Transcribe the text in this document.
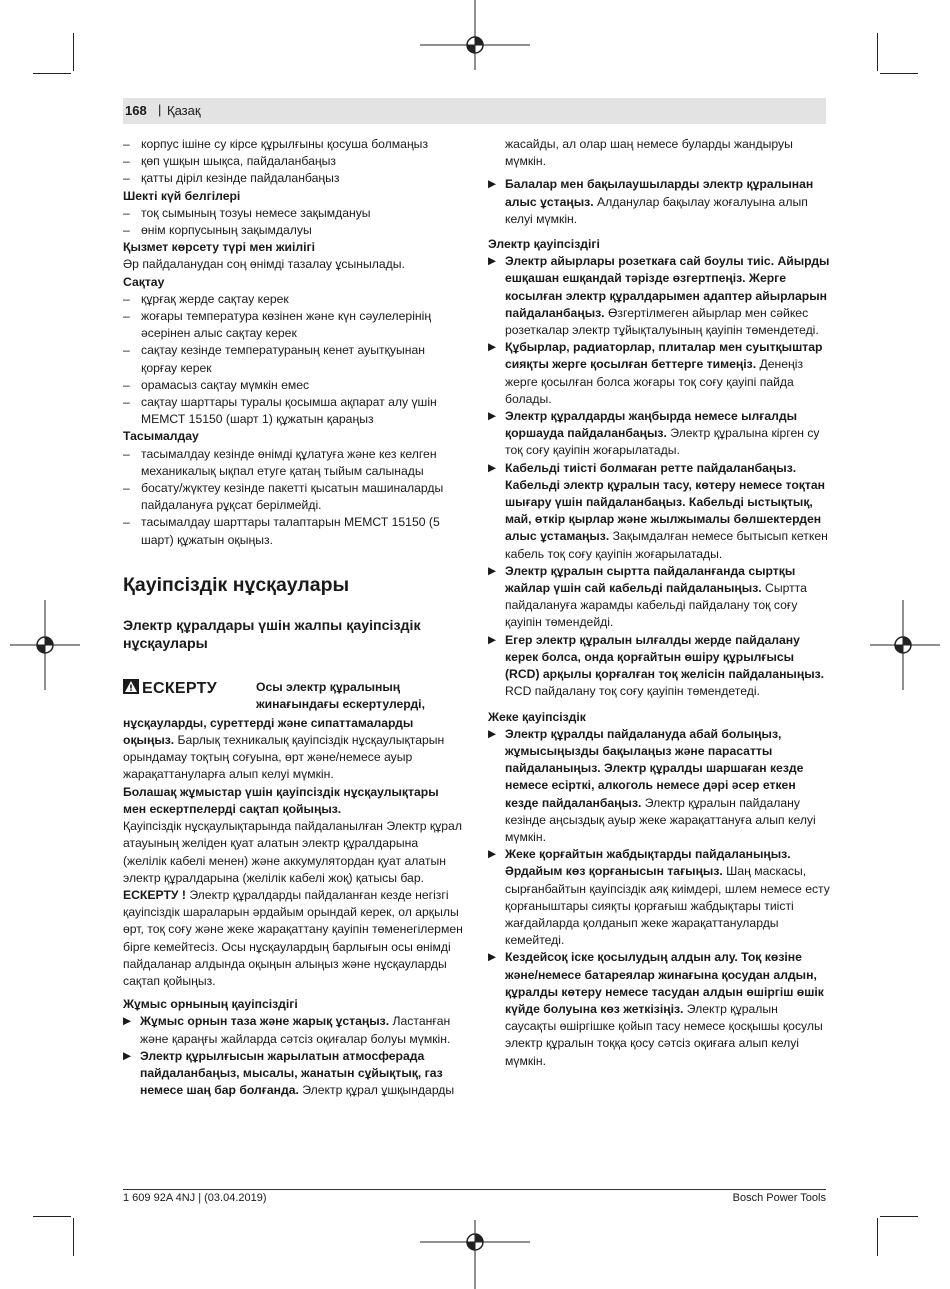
168 | Қазақ

– корпус ішіне су кірсе құрылғыны қосуша болмаңыз

– қөп үшқын шықса, пайдаланбаңыз

– қатты діріл кезінде пайдаланбаңыз

Шекті күй белгілері

– тоқ сымының тозуы немесе зақымдануы

– өнім корпусының зақымдалуы

Қызмет көрсету түрі мен жиілігі

Әр пайдаланудан соң өнімді тазалау ұсынылады.

Сақтау

– құрғақ жерде сақтау керек

– жоғары температура көзінен және күн сәулелерінің әсерінен алыс сақтау керек

– сақтау кезінде температураның кенет ауытқуынан қорғау керек

– орамасыз сақтау мүмкін емес

– сақтау шарттары туралы қосымша ақпарат алу үшін МЕМСТ 15150 (шарт 1) құжатын қараңыз

Тасымалдау

– тасымалдау кезінде өнімді құлатуға және кез келген механикалық ықпал етуге қатаң тыйым салынады

– босату/жүктеу кезінде пакетті қысатын машиналарды пайдалануға рұқсат берілмейді.

– тасымалдау шарттары талаптарын МЕМСТ 15150 (5 шарт) құжатын оқыңыз.

Қауіпсіздік нұсқаулары
Электр құралдары үшін жалпы қауіпсіздік нұсқаулары
ЕСКЕРТУ	Осы электр құралының жинағындағы ескертулерді,

нұсқауларды, суреттерді және сипаттамаларды оқыңыз. Барлық техникалық қауіпсіздік нұсқаулықтарын орындамау тоқтың соғуына, өрт және/немесе ауыр жарақаттануларға алып келуі мүмкін.

Болашақ жұмыстар үшін қауіпсіздік нұсқаулықтары мен ескертпелерді сақтап қойыңыз.

Қауіпсіздік нұсқаулықтарында пайдаланылған Электр құрал атауының желіден қуат алатын электр құралдарына (желілік кабелі менен) және аккумулятордан қуат алатын электр құралдарына (желілік кабелі жоқ) қатысы бар.

ЕСКЕРТУ ! Электр құралдарды пайдаланған кезде негізгі қауіпсіздік шараларын әрдайым орындай керек, ол арқылы өрт, тоқ соғу және жеке жарақаттану қауіпін төменегілермен бірге кемейтесіз. Осы нұсқаулардың барлығын осы өнімді пайдаланар алдында оқыңын алыңыз және нұсқауларды сақтап қойыңыз.

Жұмыс орнының қауіпсіздігі

▶ Жұмыс орнын таза және жарық ұстаңыз. Ластанған және қараңғы жайларда сәтсіз оқиғалар болуы мүмкін.

▶ Электр құрылғысын жарылатын атмосферада пайдаланбаңыз, мысалы, жанатын сұйықтық, газ немесе шаң бар болғанда. Электр құрал ұшқындарды

жасайды, ал олар шаң немесе буларды жандыруы мүмкін.

▶ Балалар мен бақылаушыларды электр құралынан алыс ұстаңыз. Алданулар бақылау жоғалуына алып келуі мүмкін.

Электр қауіпсіздігі

▶ Электр айырлары розеткаға сай боулы тиіс. Айырды ешқашан ешқандай тәрізде өзгертпеңіз. Жерге косылған электр құралдарымен адаптер айырларын пайдаланбаңыз. Өзгертілмеген айырлар мен сәйкес розеткалар электр тұйықталуының қауіпін төмендетеді.

▶ Құбырлар, радиаторлар, плиталар мен суытқыштар сияқты жерге қосылған беттерге тимеңіз. Денеңіз жерге қосылған болса жоғары тоқ соғу қауіпі пайда болады.

▶ Электр құралдарды жаңбырда немесе ылғалды қоршауда пайдаланбаңыз. Электр құралына кірген су тоқ соғу қауіпін жоғарылатады.

▶ Кабельді тиісті болмаған ретте пайдаланбаңыз. Кабельді электр құралын тасу, көтеру немесе тоқтан шығару үшін пайдаланбаңыз. Кабельді ыстықтық, май, өткір қырлар және жылжымалы бөлшектерден алыс ұстамаңыз. Зақымдалған немесе бытысып кеткен кабель тоқ соғу қауіпін жоғарылатады.

▶ Электр құралын сыртта пайдаланғанда сыртқы жайлар үшін сай кабельді пайдаланыңыз. Сыртта пайдалануға жарамды кабельді пайдалану тоқ соғу қауіпін төмендейді.

▶ Егер электр құралын ылғалды жерде пайдалану керек болса, онда қорғайтын өшіру құрылғысы (RCD) арқылы қорғалған тоқ желісін пайдаланыңыз. RCD пайдалану тоқ соғу қауіпін төмендетеді.

Жеке қауіпсіздік

▶ Электр құралды пайдалануда абай болыңыз, жұмысыңызды бақылаңыз және парасатты пайдаланыңыз. Электр құралды шаршаған кезде немесе есірткі, алкоголь немесе дәрі әсер еткен кезде пайдаланбаңыз. Электр құралын пайдалану кезінде аңсыздық ауыр жеке жарақаттануға алып келуі мүмкін.

▶ Жеке қорғайтын жабдықтарды пайдаланыңыз. Әрдайым көз қорғанысын тағыңыз. Шаң маскасы, сырғанбайтын қауіпсіздік аяқ киімдері, шлем немесе есту қорғаныштары сияқты қорғағыш жабдықтары тиісті жағдайларда қолданып жеке жарақаттануларды кемейтеді.

▶ Кездейсоқ іске қосылудың алдын алу. Тоқ көзіне және/немесе батареялар жинағына қосудан алдын, құралды көтеру немесе тасудан алдын өшіргіш өшік күйде болуына көз жеткізіңіз. Электр құралын саусақты өшіргішке қойып тасу немесе қосқышы қосулы электр құралын тоққа қосу сәтсіз оқиғаға алып келуі мүмкін.

1 609 92A 4NJ | (03.04.2019)	Bosch Power Tools
